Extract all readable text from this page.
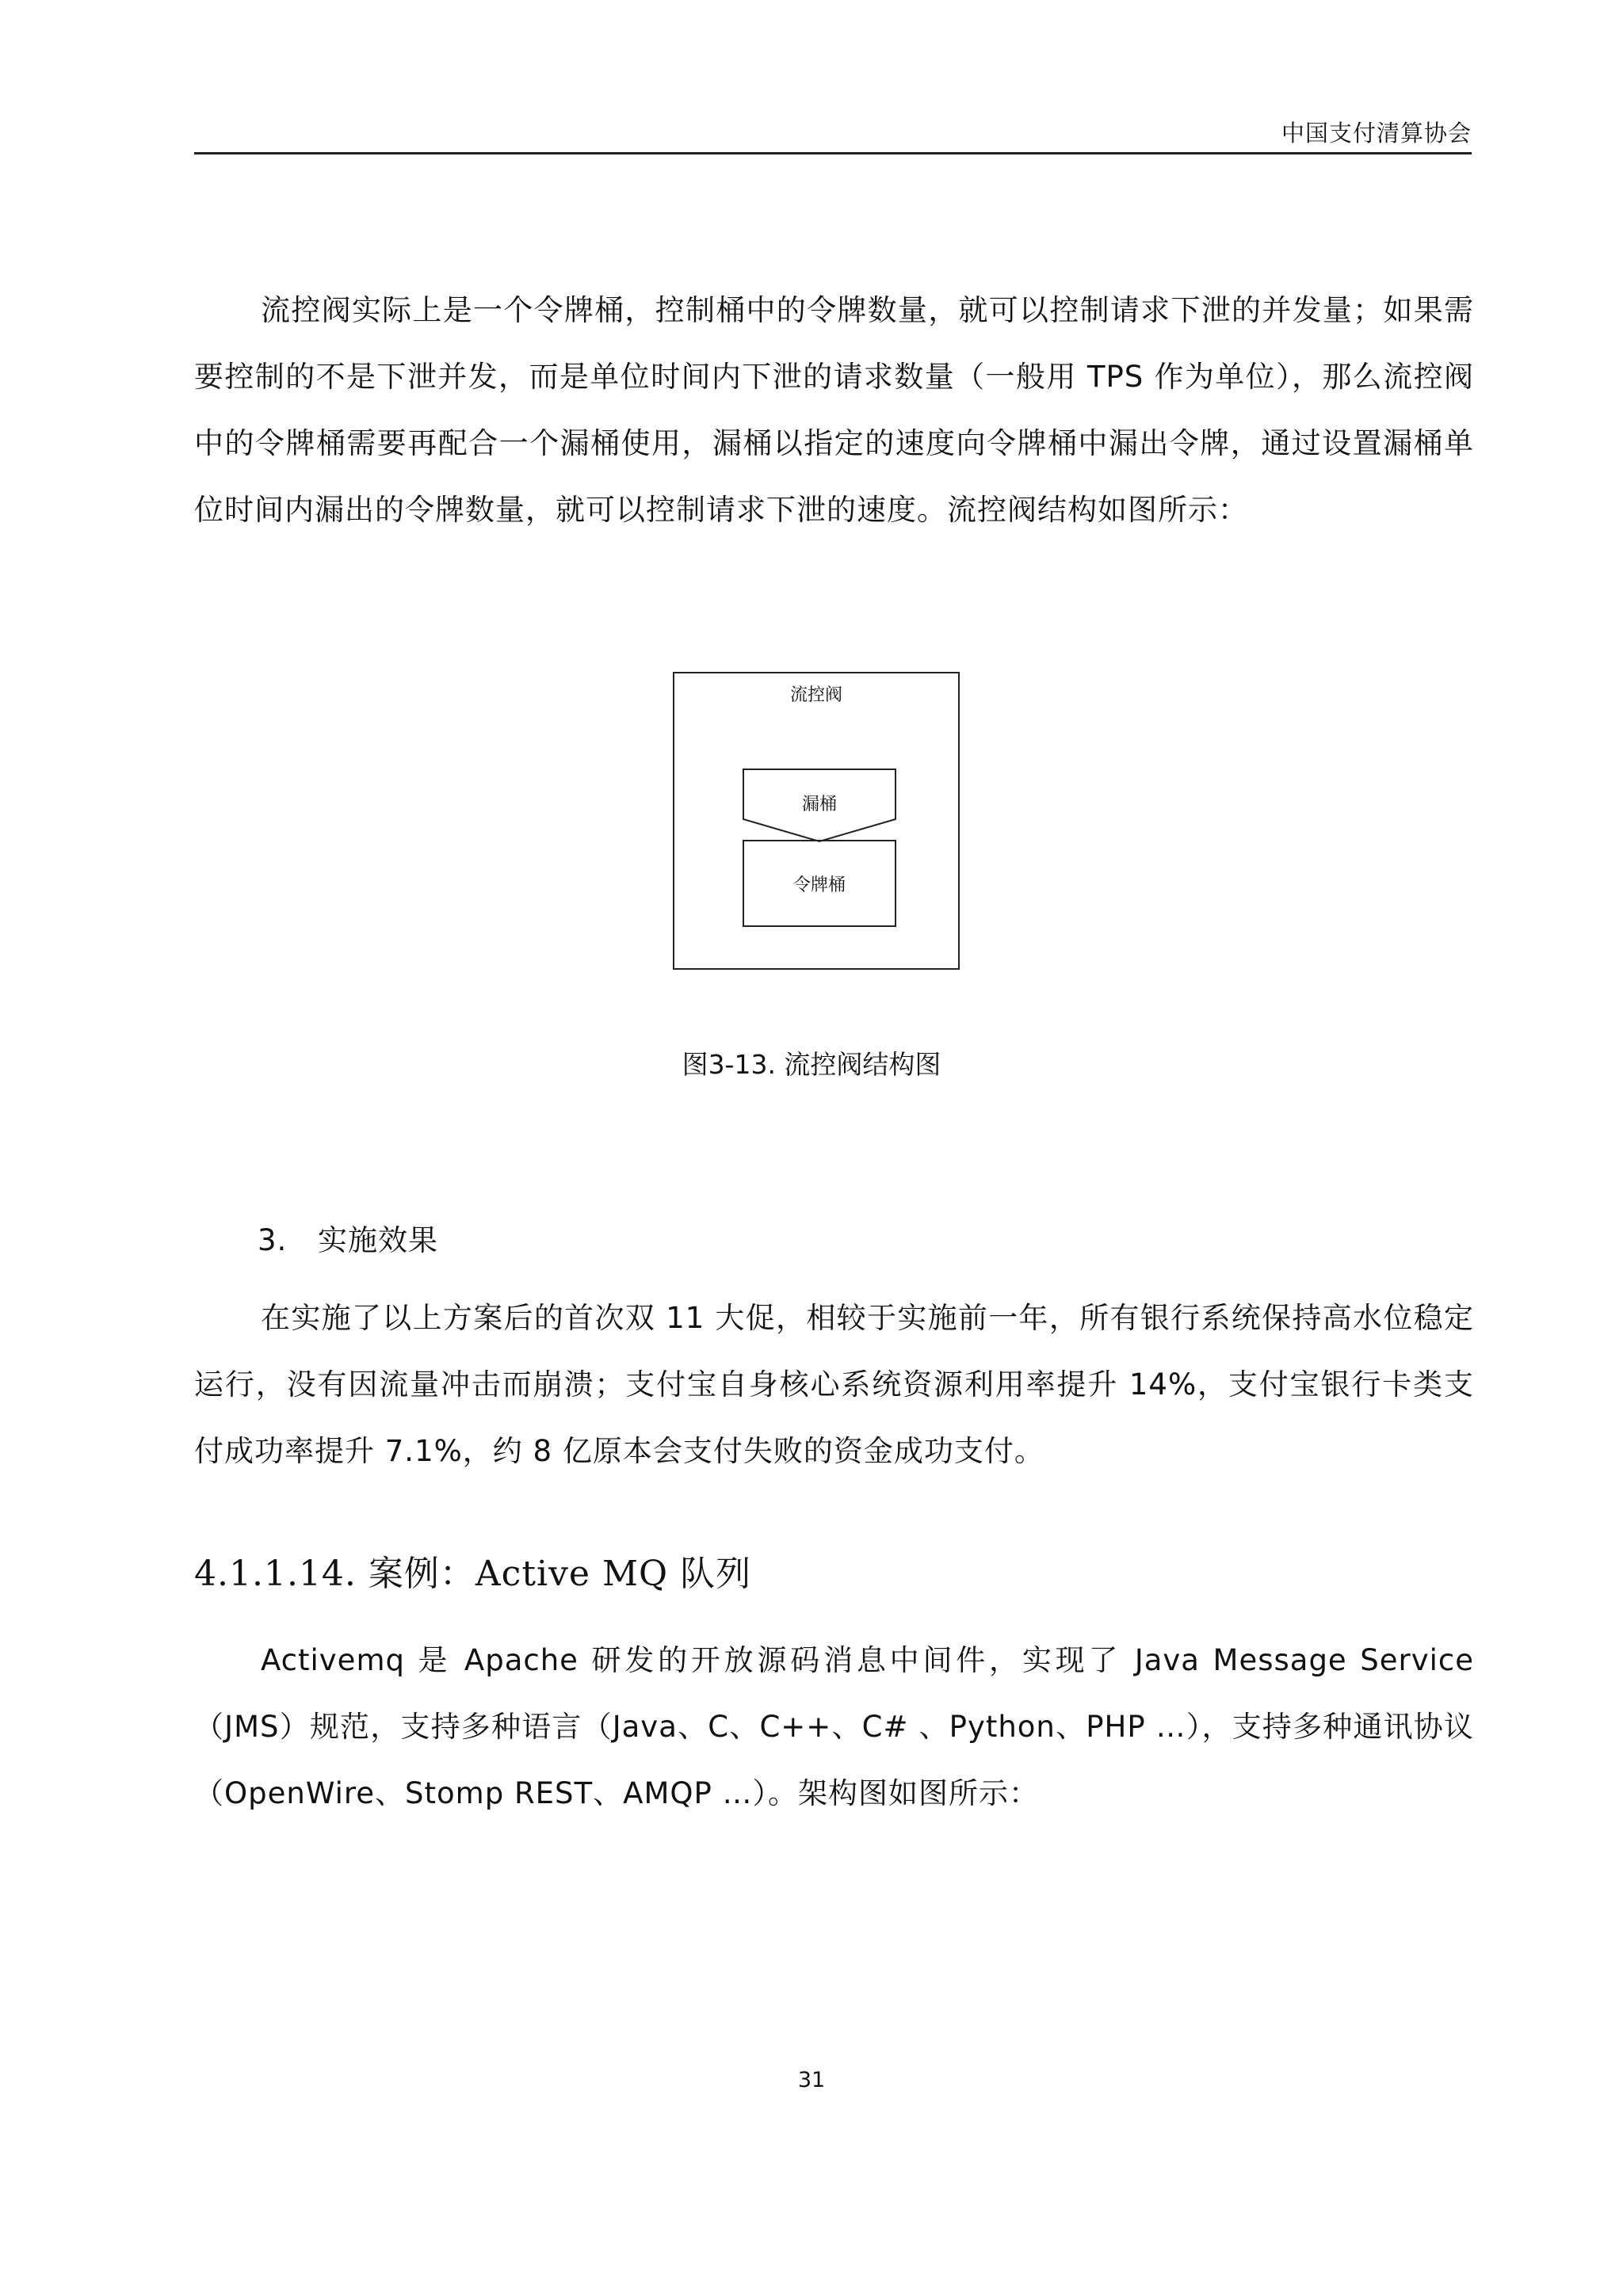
中国支付清算协会

流控阀实际上是一个令牌桶，控制桶中的令牌数量，就可以控制请求下泄的并发量；如果需要控制的不是下泄并发，而是单位时间内下泄的请求数量（一般用 TPS 作为单位），那么流控阀中的令牌桶需要再配合一个漏桶使用，漏桶以指定的速度向令牌桶中漏出令牌，通过设置漏桶单位时间内漏出的令牌数量，就可以控制请求下泄的速度。流控阀结构如图所示：

流控阀
漏桶
令牌桶
图3-13. 流控阀结构图
3. 实施效果

在实施了以上方案后的首次双 11 大促，相较于实施前一年，所有银行系统保持高水位稳定运行，没有因流量冲击而崩溃；支付宝自身核心系统资源利用率提升 14%，支付宝银行卡类支付成功率提升 7.1%，约 8 亿原本会支付失败的资金成功支付。

4.1.1.14. 案例：Active MQ 队列

Activemq 是 Apache 研发的开放源码消息中间件，实现了 Java Message Service（JMS）规范，支持多种语言（Java、C、C++、C# 、Python、PHP …），支持多种通讯协议（OpenWire、Stomp REST、AMQP …）。架构图如图所示：

31
